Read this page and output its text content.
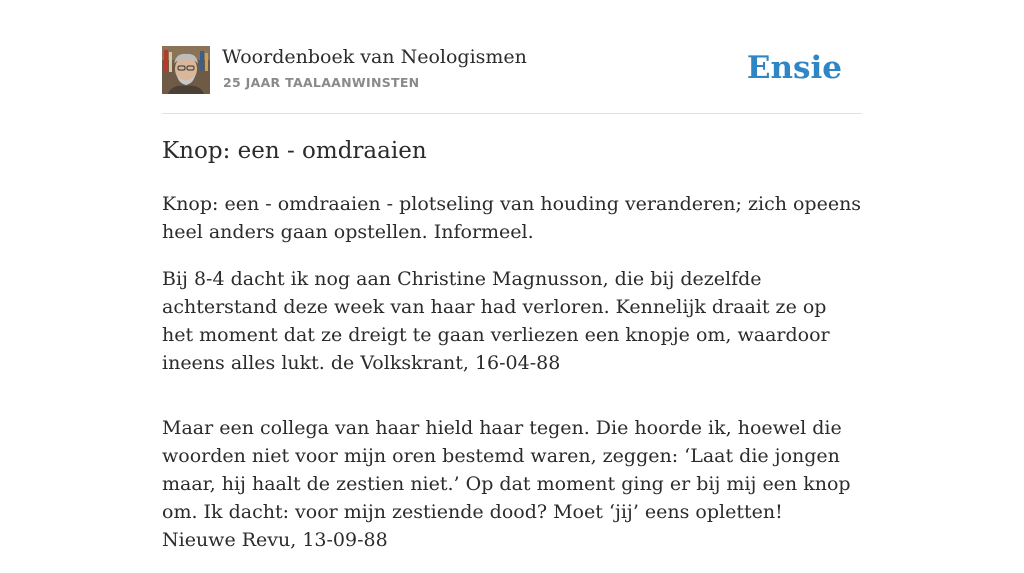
Woordenboek van Neologismen
25 JAAR TAALAANWINSTEN	Ensie
Knop: een - omdraaien

Knop: een - omdraaien - plotseling van houding veranderen; zich opeens heel anders gaan opstellen. Informeel.

Bij 8-4 dacht ik nog aan Christine Magnusson, die bij dezelfde achterstand deze week van haar had verloren. Kennelijk draait ze op het moment dat ze dreigt te gaan verliezen een knopje om, waardoor ineens alles lukt. de Volkskrant, 16-04-88

Maar een collega van haar hield haar tegen. Die hoorde ik, hoewel die woorden niet voor mijn oren bestemd waren, zeggen: ‘Laat die jongen maar, hij haalt de zestien niet.’ Op dat moment ging er bij mij een knop om. Ik dacht: voor mijn zestiende dood? Moet ‘jij’ eens opletten! Nieuwe Revu, 13-09-88
